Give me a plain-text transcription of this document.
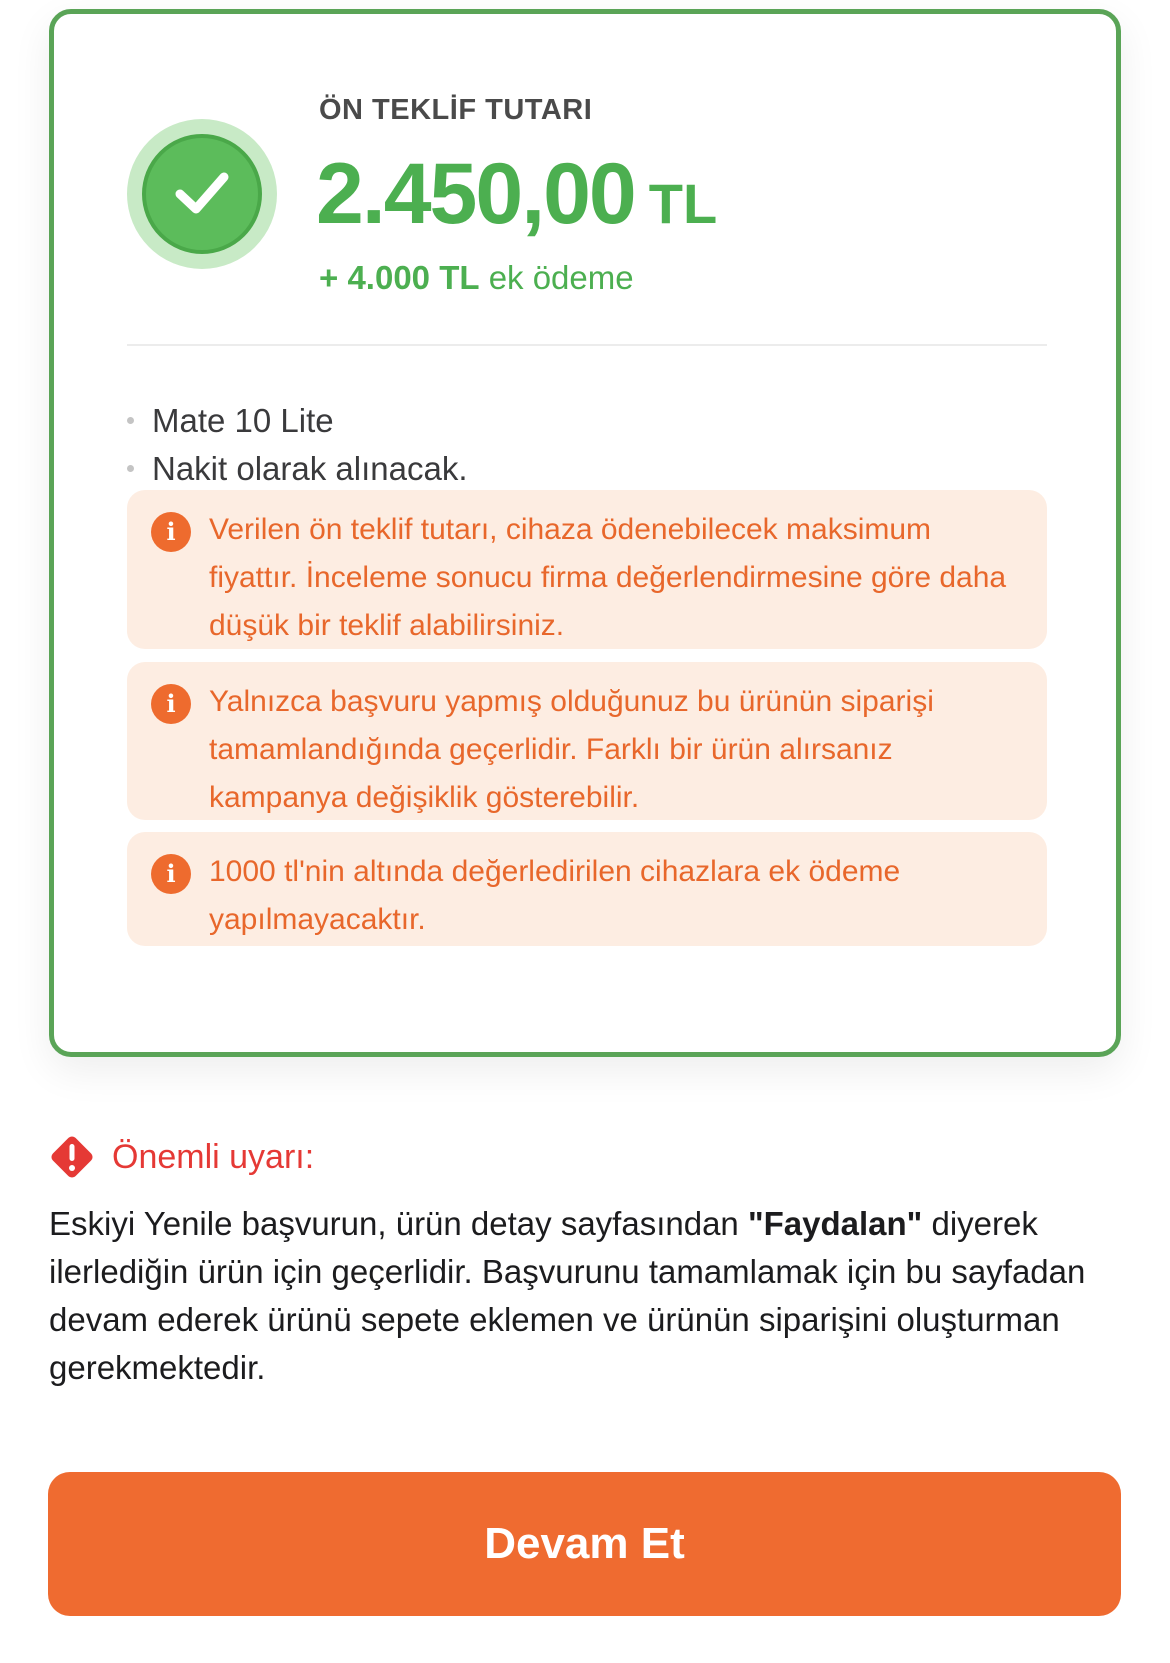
ÖN TEKLİF TUTARI
2.450,00 TL
+ 4.000 TL ek ödeme
Mate 10 Lite
Nakit olarak alınacak.
i	Verilen ön teklif tutarı, cihaza ödenebilecek maksimum fiyattır. İnceleme sonucu firma değerlendirmesine göre daha düşük bir teklif alabilirsiniz.
i	Yalnızca başvuru yapmış olduğunuz bu ürünün siparişi tamamlandığında geçerlidir. Farklı bir ürün alırsanız kampanya değişiklik gösterebilir.
i	1000 tl'nin altında değerledirilen cihazlara ek ödeme yapılmayacaktır.
Önemli uyarı:
Eskiyi Yenile başvurun, ürün detay sayfasından "Faydalan" diyerek ilerlediğin ürün için geçerlidir. Başvurunu tamamlamak için bu sayfadan devam ederek ürünü sepete eklemen ve ürünün siparişini oluşturman gerekmektedir.
Devam Et
